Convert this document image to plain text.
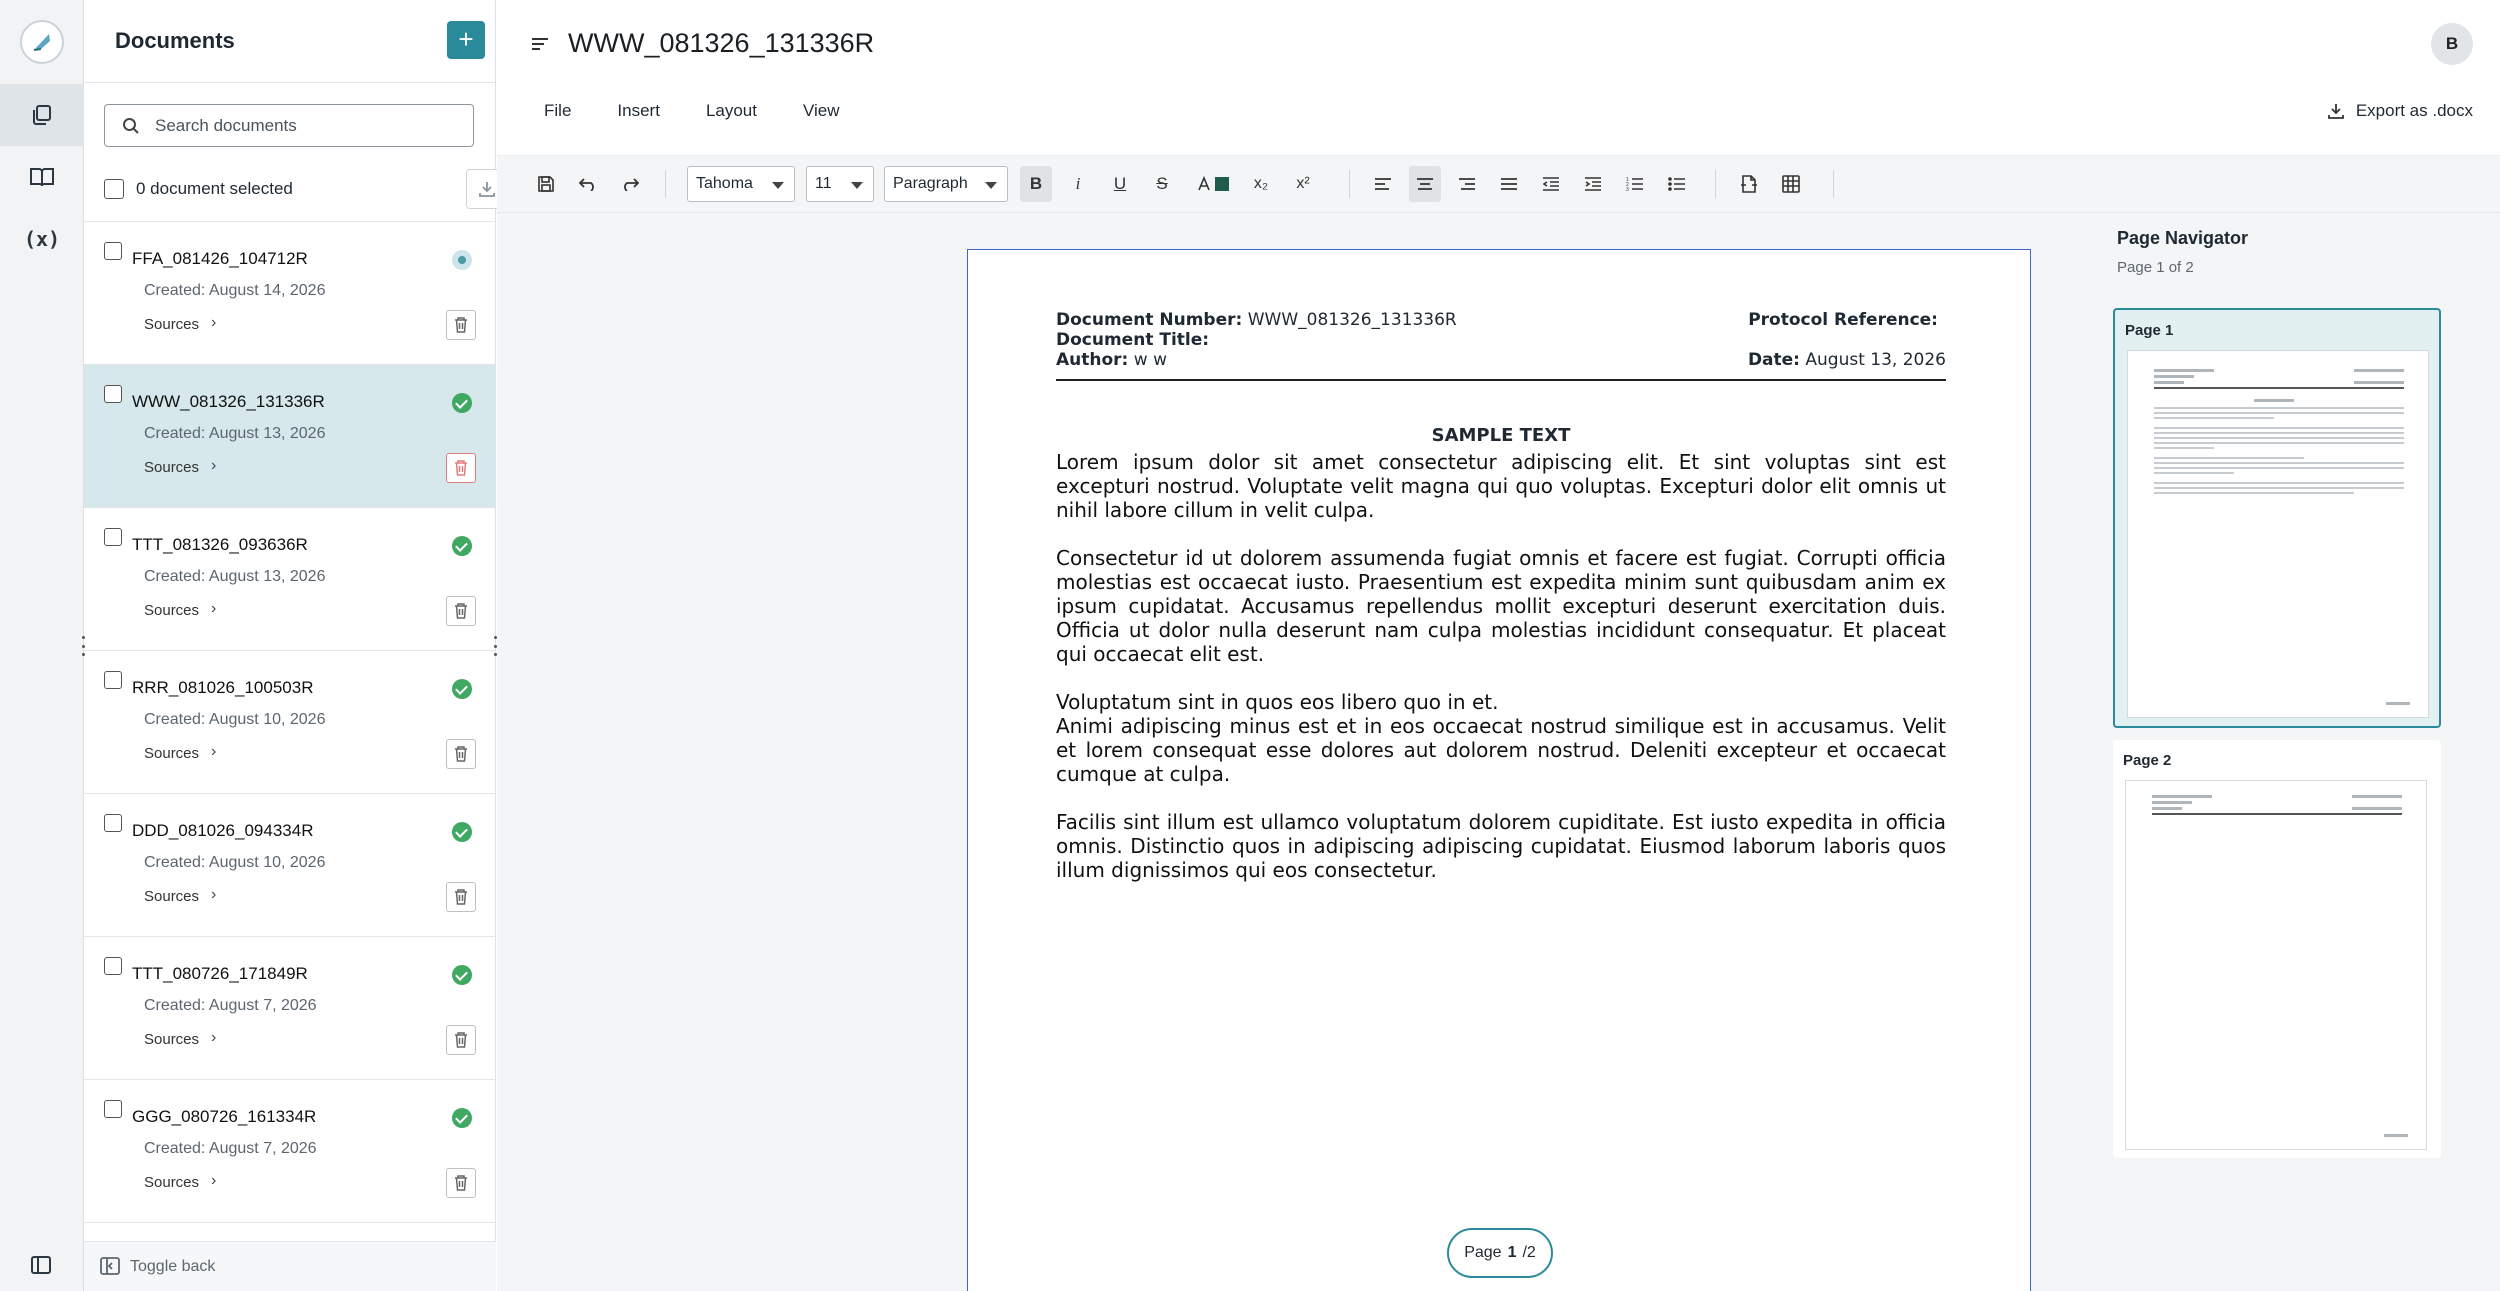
(x)
Documents	+
Search documents
0 document selected
FFA_081426_104712R
Created: August 14, 2026
Sources ›
WWW_081326_131336R
Created: August 13, 2026
Sources ›
TTT_081326_093636R
Created: August 13, 2026
Sources ›
RRR_081026_100503R
Created: August 10, 2026
Sources ›
DDD_081026_094334R
Created: August 10, 2026
Sources ›
TTT_080726_171849R
Created: August 7, 2026
Sources ›
GGG_080726_161334R
Created: August 7, 2026
Sources ›
Toggle back
WWW_081326_131336R	B
File	Insert	Layout	View	Export as .docx
Tahoma	11	Paragraph	B	i	U	S	x₂	x²	1
2
3
Document Number: WWW_081326_131336R	Protocol Reference:
Document Title:
Author: w w	Date: August 13, 2026
SAMPLE TEXT

Lorem ipsum dolor sit amet consectetur adipiscing elit. Et sint voluptas sint est excepturi nostrud. Voluptate velit magna qui quo voluptas. Excepturi dolor elit omnis ut nihil labore cillum in velit culpa.

Consectetur id ut dolorem assumenda fugiat omnis et facere est fugiat. Corrupti officia molestias est occaecat iusto. Praesentium est expedita minim sunt quibusdam anim ex ipsum cupidatat. Accusamus repellendus mollit excepturi deserunt exercitation duis. Officia ut dolor nulla deserunt nam culpa molestias incididunt consequatur. Et placeat qui occaecat elit est.

Voluptatum sint in quos eos libero quo in et.
Animi adipiscing minus est et in eos occaecat nostrud similique est in accusamus. Velit et lorem consequat esse dolores aut dolorem nostrud. Deleniti excepteur et occaecat cumque at culpa.

Facilis sint illum est ullamco voluptatum dolorem cupiditate. Est iusto expedita in officia omnis. Distinctio quos in adipiscing adipiscing cupidatat. Eiusmod laborum laboris quos illum dignissimos qui eos consectetur.

Page 1 /2
Page Navigator
Page 1 of 2
Page 1
Page 2
